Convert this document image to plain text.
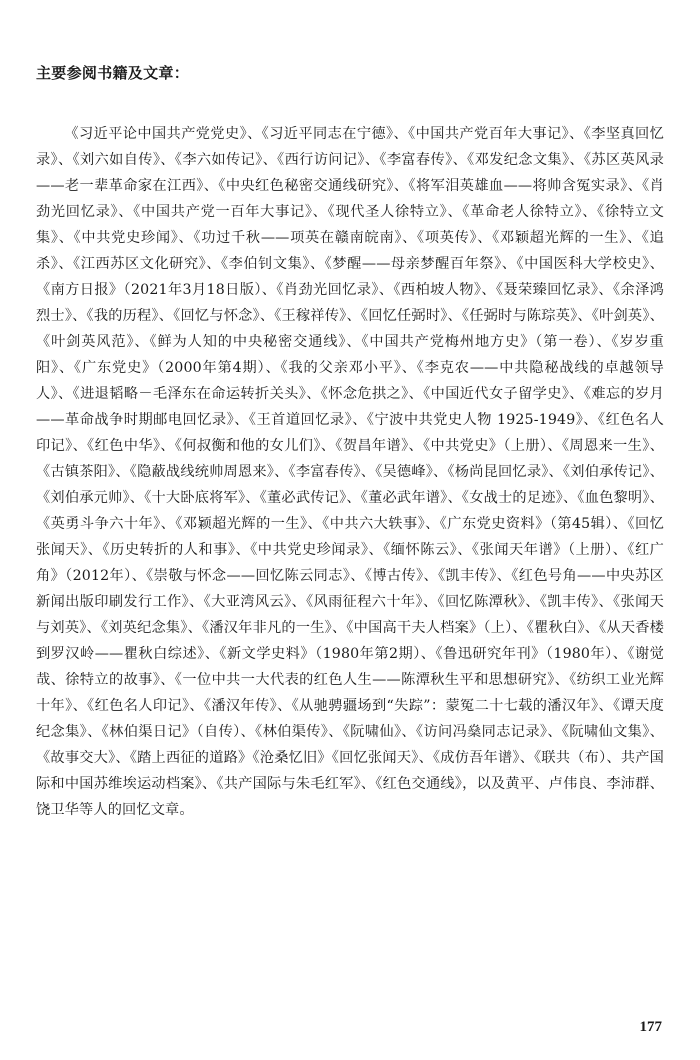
主要参阅书籍及文章：

《习近平论中国共产党党史》、《习近平同志在宁德》、《中国共产党百年大事记》、《李坚真回忆录》、《刘六如自传》、《李六如传记》、《西行访问记》、《李富春传》、《邓发纪念文集》、《苏区英风录——老一辈革命家在江西》、《中央红色秘密交通线研究》、《将军泪英雄血——将帅含冤实录》、《肖劲光回忆录》、《中国共产党一百年大事记》、《现代圣人徐特立》、《革命老人徐特立》、《徐特立文集》、《中共党史珍闻》、《功过千秋——项英在赣南皖南》、《项英传》、《邓颖超光辉的一生》、《追杀》、《江西苏区文化研究》、《李伯钊文集》、《梦醒——母亲梦醒百年祭》、《中国医科大学校史》、《南方日报》（2021年3月18日版）、《肖劲光回忆录》、《西柏坡人物》、《聂荣臻回忆录》、《余泽鸿烈士》、《我的历程》、《回忆与怀念》、《王稼祥传》、《回忆任弼时》、《任弼时与陈琮英》、《叶剑英》、《叶剑英风范》、《鲜为人知的中央秘密交通线》、《中国共产党梅州地方史》（第一卷）、《岁岁重阳》、《广东党史》（2000年第4期）、《我的父亲邓小平》、《李克农——中共隐秘战线的卓越领导人》、《进退韬略－毛泽东在命运转折关头》、《怀念危拱之》、《中国近代女子留学史》、《难忘的岁月——革命战争时期邮电回忆录》、《王首道回忆录》、《宁波中共党史人物 1925-1949》、《红色名人印记》、《红色中华》、《何叔衡和他的女儿们》、《贺昌年谱》、《中共党史》（上册）、《周恩来一生》、《古镇茶阳》、《隐蔽战线统帅周恩来》、《李富春传》、《吴德峰》、《杨尚昆回忆录》、《刘伯承传记》、《刘伯承元帅》、《十大卧底将军》、《董必武传记》、《董必武年谱》、《女战士的足迹》、《血色黎明》、《英勇斗争六十年》、《邓颖超光辉的一生》、《中共六大轶事》、《广东党史资料》（第45辑）、《回忆张闻天》、《历史转折的人和事》、《中共党史珍闻录》、《缅怀陈云》、《张闻天年谱》（上册）、《红广角》（2012年）、《崇敬与怀念——回忆陈云同志》、《博古传》、《凯丰传》、《红色号角——中央苏区新闻出版印刷发行工作》、《大亚湾风云》、《风雨征程六十年》、《回忆陈潭秋》、《凯丰传》、《张闻天与刘英》、《刘英纪念集》、《潘汉年非凡的一生》、《中国高干夫人档案》（上）、《瞿秋白》、《从天香楼到罗汉岭——瞿秋白综述》、《新文学史料》（1980年第2期）、《鲁迅研究年刊》（1980年）、《谢觉哉、徐特立的故事》、《一位中共一大代表的红色人生——陈潭秋生平和思想研究》、《纺织工业光辉十年》、《红色名人印记》、《潘汉年传》、《从驰骋疆场到“失踪”：蒙冤二十七载的潘汉年》、《谭天度纪念集》、《林伯渠日记》（自传）、《林伯渠传》、《阮啸仙》、《访问冯燊同志记录》、《阮啸仙文集》、《故事交大》、《踏上西征的道路》《沧桑忆旧》《回忆张闻天》、《成仿吾年谱》、《联共（布）、共产国际和中国苏维埃运动档案》、《共产国际与朱毛红军》、《红色交通线》，以及黄平、卢伟良、李沛群、饶卫华等人的回忆文章。

177
